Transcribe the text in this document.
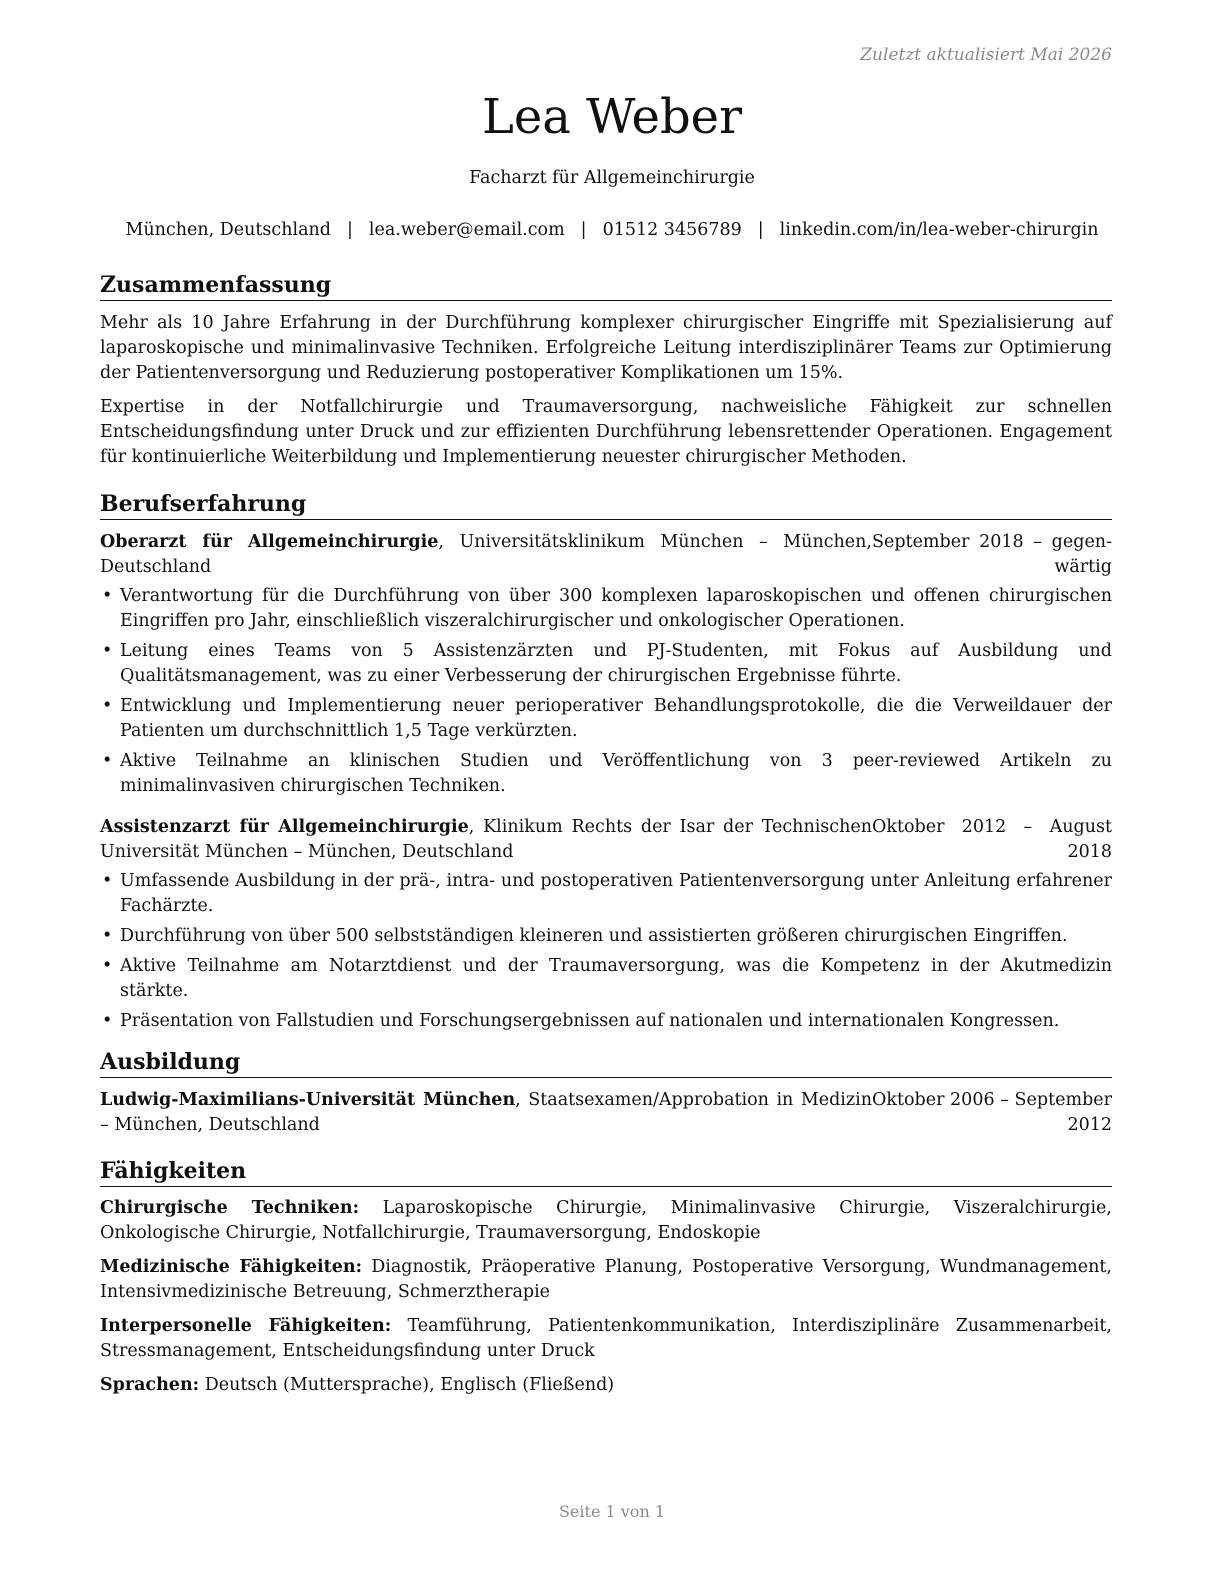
Zuletzt aktualisiert Mai 2026
Lea Weber
Facharzt für Allgemeinchirurgie
München, Deutschland | lea.weber@email.com | 01512 3456789 | linkedin.com/in/lea-weber-chirurgin
Zusammenfassung

Mehr als 10 Jahre Erfahrung in der Durchführung komplexer chirurgischer Eingriffe mit Spezialisierung auf laparoskopische und minimalinvasive Techniken. Erfolgreiche Leitung interdisziplinärer Teams zur Optimierung der Patientenversorgung und Reduzierung postoperativer Komplikationen um 15%.

Expertise in der Notfallchirurgie und Traumaversorgung, nachweisliche Fähigkeit zur schnellen Entscheidungsfindung unter Druck und zur effizienten Durchführung lebensrettender Operationen. Engagement für kontinuierliche Weiterbildung und Implementierung neuester chirurgischer Methoden.

Berufserfahrung
Oberarzt für Allgemeinchirurgie, Universitätsklinikum München – München, Deutschland
September 2018 – gegenwärtig
• Verantwortung für die Durchführung von über 300 komplexen laparoskopischen und offenen chirurgischen Eingriffen pro Jahr, einschließlich viszeralchirurgischer und onkologischer Operationen.
• Leitung eines Teams von 5 Assistenzärzten und PJ-Studenten, mit Fokus auf Ausbildung und Qualitätsmanagement, was zu einer Verbesserung der chirurgischen Ergebnisse führte.
• Entwicklung und Implementierung neuer perioperativer Behandlungsprotokolle, die die Verweildauer der Patienten um durchschnittlich 1,5 Tage verkürzten.
• Aktive Teilnahme an klinischen Studien und Veröffentlichung von 3 peer-reviewed Artikeln zu minimalinvasiven chirurgischen Techniken.
Assistenzarzt für Allgemeinchirurgie, Klinikum Rechts der Isar der Technischen Universität München – München, Deutschland
Oktober 2012 – August 2018
• Umfassende Ausbildung in der prä-, intra- und postoperativen Patientenversorgung unter Anleitung erfahrener Fachärzte.
• Durchführung von über 500 selbstständigen kleineren und assistierten größeren chirurgischen Eingriffen.
• Aktive Teilnahme am Notarztdienst und der Traumaversorgung, was die Kompetenz in der Akutmedizin stärkte.
• Präsentation von Fallstudien und Forschungsergebnissen auf nationalen und internationalen Kongressen.
Ausbildung
Ludwig-Maximilians-Universität München, Staatsexamen/Approbation in Medizin – München, Deutschland
Oktober 2006 – September 2012
Fähigkeiten

Chirurgische Techniken: Laparoskopische Chirurgie, Minimalinvasive Chirurgie, Viszeralchirurgie, Onkologische Chirurgie, Notfallchirurgie, Traumaversorgung, Endoskopie

Medizinische Fähigkeiten: Diagnostik, Präoperative Planung, Postoperative Versorgung, Wundmanagement, Intensivmedizinische Betreuung, Schmerztherapie

Interpersonelle Fähigkeiten: Teamführung, Patientenkommunikation, Interdisziplinäre Zusammenarbeit, Stressmanagement, Entscheidungsfindung unter Druck

Sprachen: Deutsch (Muttersprache), Englisch (Fließend)

Seite 1 von 1
